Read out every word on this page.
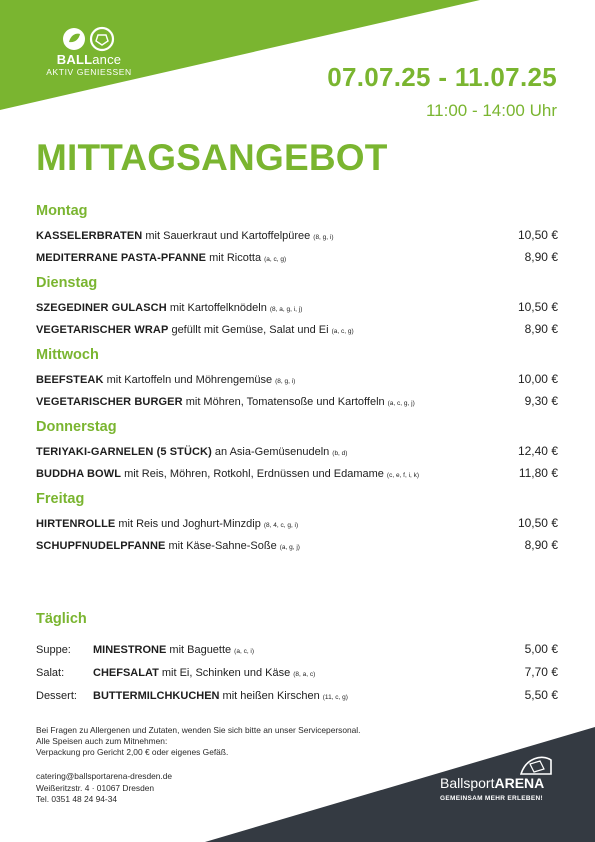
BALLance
AKTIV GENIESSEN	07.07.25 - 11.07.25
11:00 - 14:00 Uhr
MITTAGSANGEBOT
Montag
KASSELERBRATEN mit Sauerkraut und Kartoffelpüree (8, g, i)	10,50 €
MEDITERRANE PASTA-PFANNE mit Ricotta (a, c, g)	8,90 €
Dienstag
SZEGEDINER GULASCH mit Kartoffelknödeln (8, a, g, i, j)	10,50 €
VEGETARISCHER WRAP gefüllt mit Gemüse, Salat und Ei (a, c, g)	8,90 €
Mittwoch
BEEFSTEAK mit Kartoffeln und Möhrengemüse (8, g, i)	10,00 €
VEGETARISCHER BURGER mit Möhren, Tomatensoße und Kartoffeln (a, c, g, j)	9,30 €
Donnerstag
TERIYAKI-GARNELEN (5 STÜCK) an Asia-Gemüsenudeln (b, d)	12,40 €
BUDDHA BOWL mit Reis, Möhren, Rotkohl, Erdnüssen und Edamame (c, e, f, i, k)	11,80 €
Freitag
HIRTENROLLE mit Reis und Joghurt-Minzdip (8, 4, c, g, i)	10,50 €
SCHUPFNUDELPFANNE mit Käse-Sahne-Soße (a, g, j)	8,90 €
Täglich
Suppe:	MINESTRONE mit Baguette (a, c, i)	5,00 €
Salat:	CHEFSALAT mit Ei, Schinken und Käse (8, a, c)	7,70 €
Dessert:	BUTTERMILCHKUCHEN mit heißen Kirschen (11, c, g)	5,50 €
Bei Fragen zu Allergenen und Zutaten, wenden Sie sich bitte an unser Servicepersonal.
Alle Speisen auch zum Mitnehmen:
Verpackung pro Gericht 2,00 € oder eigenes Gefäß.
catering@ballsportarena-dresden.de
Weißeritzstr. 4 · 01067 Dresden
Tel. 0351 48 24 94-34
BallsportARENA
GEMEINSAM MEHR ERLEBEN!
